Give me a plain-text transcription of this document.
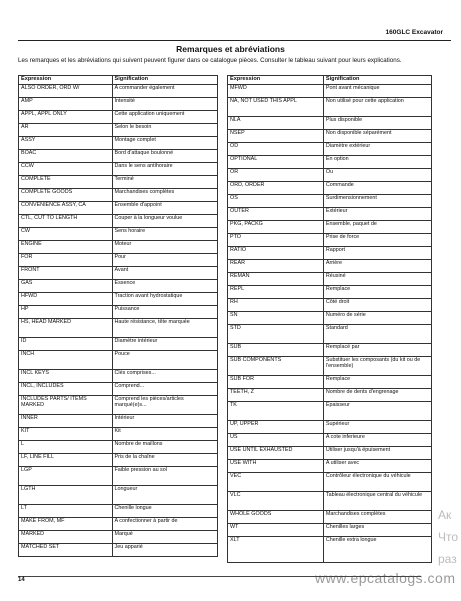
160GLC Excavator
Remarques et abréviations
Les remarques et les abréviations qui suivent peuvent figurer dans ce catalogue pièces. Consulter le tableau suivant pour leurs explications.
Expression	Signification
ALSO ORDER, ORD W/	A commander également
AMP	Intensité
APPL, APPL ONLY	Cette application uniquement
AR	Selon le besoin
ASSY	Montage complet
BOAC	Bord d'attaque boulonné
CCW	Dans le sens antihoraire
COMPLETE	Terminé
COMPLETE GOODS	Marchandises complètes
CONVENIENCE ASSY, CA	Ensemble d'appoint
CTL, CUT TO LENGTH	Couper à la longueur voulue
CW	Sens horaire
ENGINE	Moteur
FOR	Pour
FRONT	Avant
GAS	Essence
HFWD	Traction avant hydrostatique
HP	Puissance
HS, HEAD MARKED	Haute résistance, tête marquée
ID	Diamètre intérieur
INCH	Pouce
INCL KEYS	Clés comprises...
INCL, INCLUDES	Comprend...
INCLUDES PARTS/ ITEMS MARKED	Comprend les pièces/articles marqué(e)s...
INNER	Intérieur
KIT	Kit
L	Nombre de maillons
LF, LINE FILL	Pris de la chaîne
LGP	Faible pression au sol
LGTH	Longueur
LT	Chenille longue
MAKE FROM, MF	A confectionner à partir de
MARKED	Marqué
MATCHED SET	Jeu apparié
Expression	Signification
MFWD	Pont avant mécanique
NA, NOT USED THIS APPL	Non utilisé pour cette application
NLA	Plus disponible
NSEP	Non disponible séparément
OD	Diamètre extérieur
OPTIONAL	En option
OR	Ou
ORD, ORDER	Commande
OS	Surdimensionnement
OUTER	Extérieur
PKG, PACKG	Ensemble, paquet de
PTO	Prise de force
RATIO	Rapport
REAR	Arrière
REMAN	Réusiné
REPL	Remplace
RH	Côté droit
SN	Numéro de série
STD	Standard
SUB	Remplacé par
SUB COMPONENTS	Substituer les composants (du kit ou de l'ensemble)
SUB FOR	Remplace
TEETH, Z	Nombre de dents d'engrenage
TK	Épaisseur
UP, UPPER	Supérieur
US	A cote inferieure
USE UNTIL EXHAUSTED	Utiliser jusqu'à épuisement
USE WITH	A utiliser avec
VEC	Contrôleur électronique du véhicule
VLC	Tableau électronique central du véhicule
WHOLE GOODS	Marchandises complètes
WT	Chenilles larges
XLT	Chenille extra longue
14	www.epcatalogs.com
Ак
Что
раз
